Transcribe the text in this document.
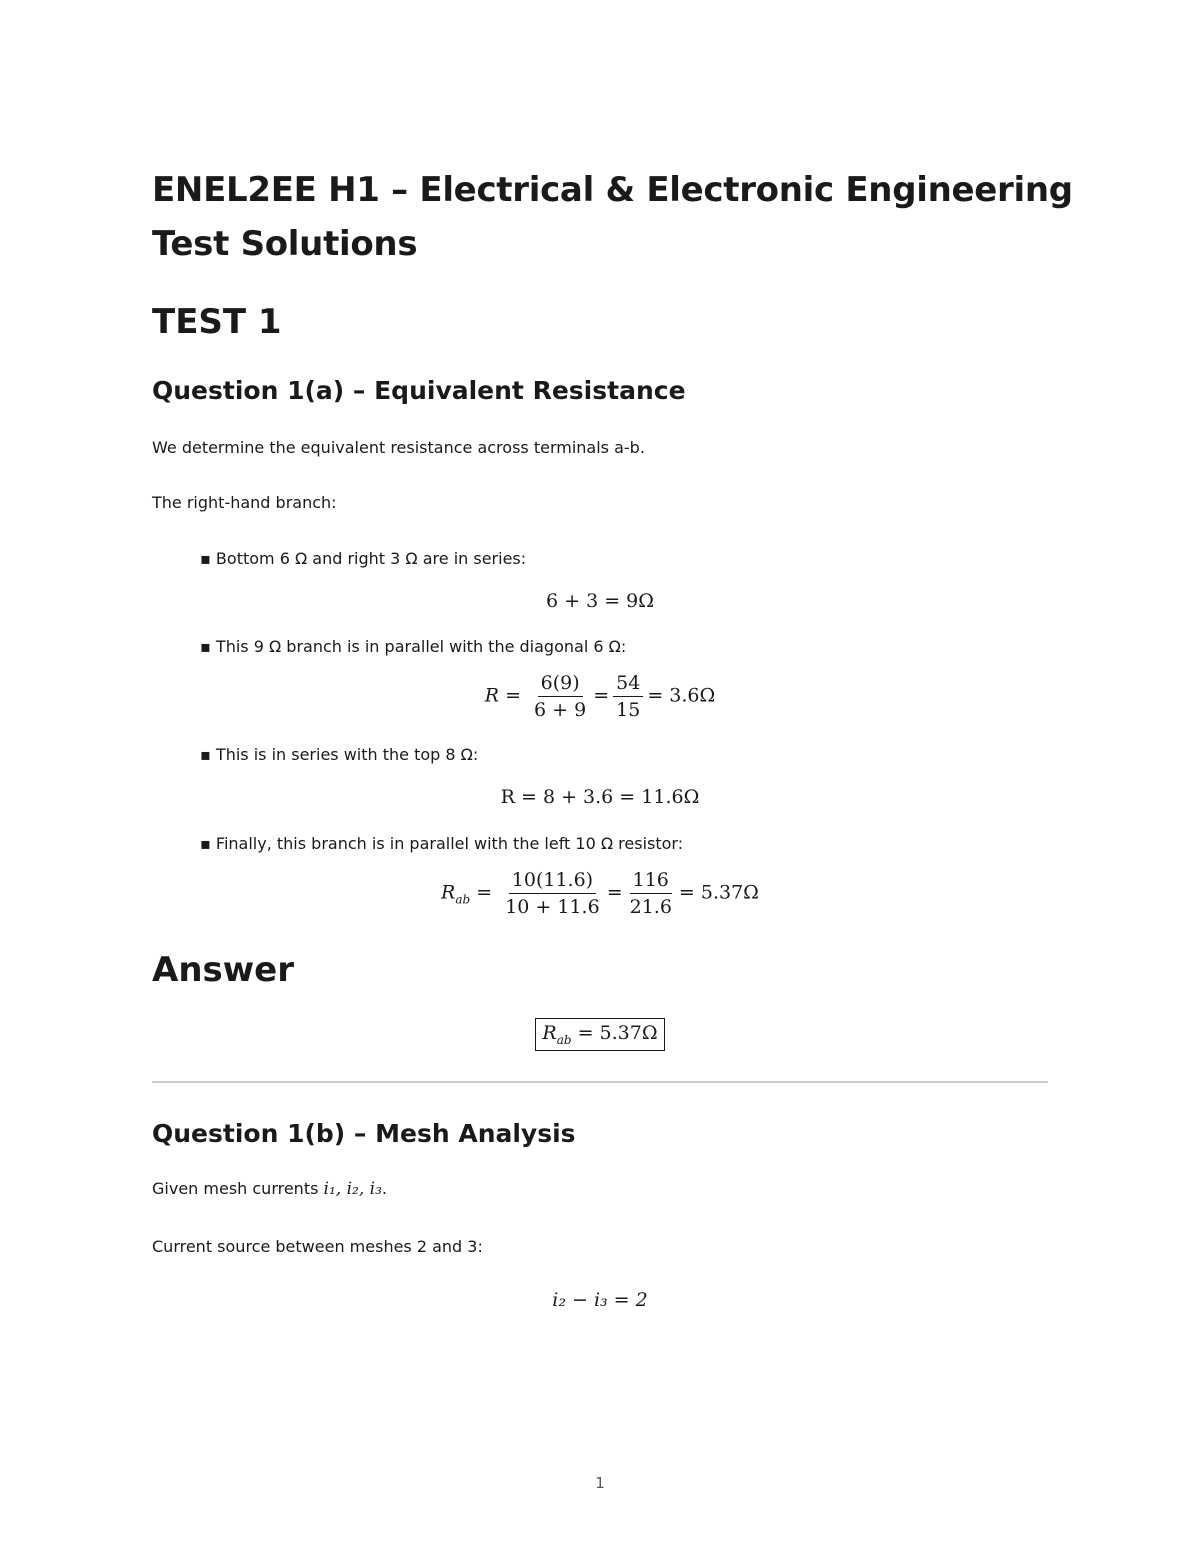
ENEL2EE H1 – Electrical & Electronic Engineering
Test Solutions
TEST 1
Question 1(a) – Equivalent Resistance
We determine the equivalent resistance across terminals a-b.
The right-hand branch:
▪ Bottom 6 Ω and right 3 Ω are in series:
6 + 3 = 9Ω
▪ This 9 Ω branch is in parallel with the diagonal 6 Ω:
$R = \frac{6(9)}{6 + 9} = \frac{54}{15} = 3.6\Omega$
▪ This is in series with the top 8 Ω:
R = 8 + 3.6 = 11.6Ω
▪ Finally, this branch is in parallel with the left 10 Ω resistor:
$R_{ab} = \frac{10(11.6)}{10 + 11.6} = \frac{116}{21.6} = 5.37\Omega$
Answer
$R_{ab} = 5.37\Omega$
Question 1(b) – Mesh Analysis
Given mesh currents i₁, i₂, i₃.
Current source between meshes 2 and 3:
i₂ − i₃ = 2
1
